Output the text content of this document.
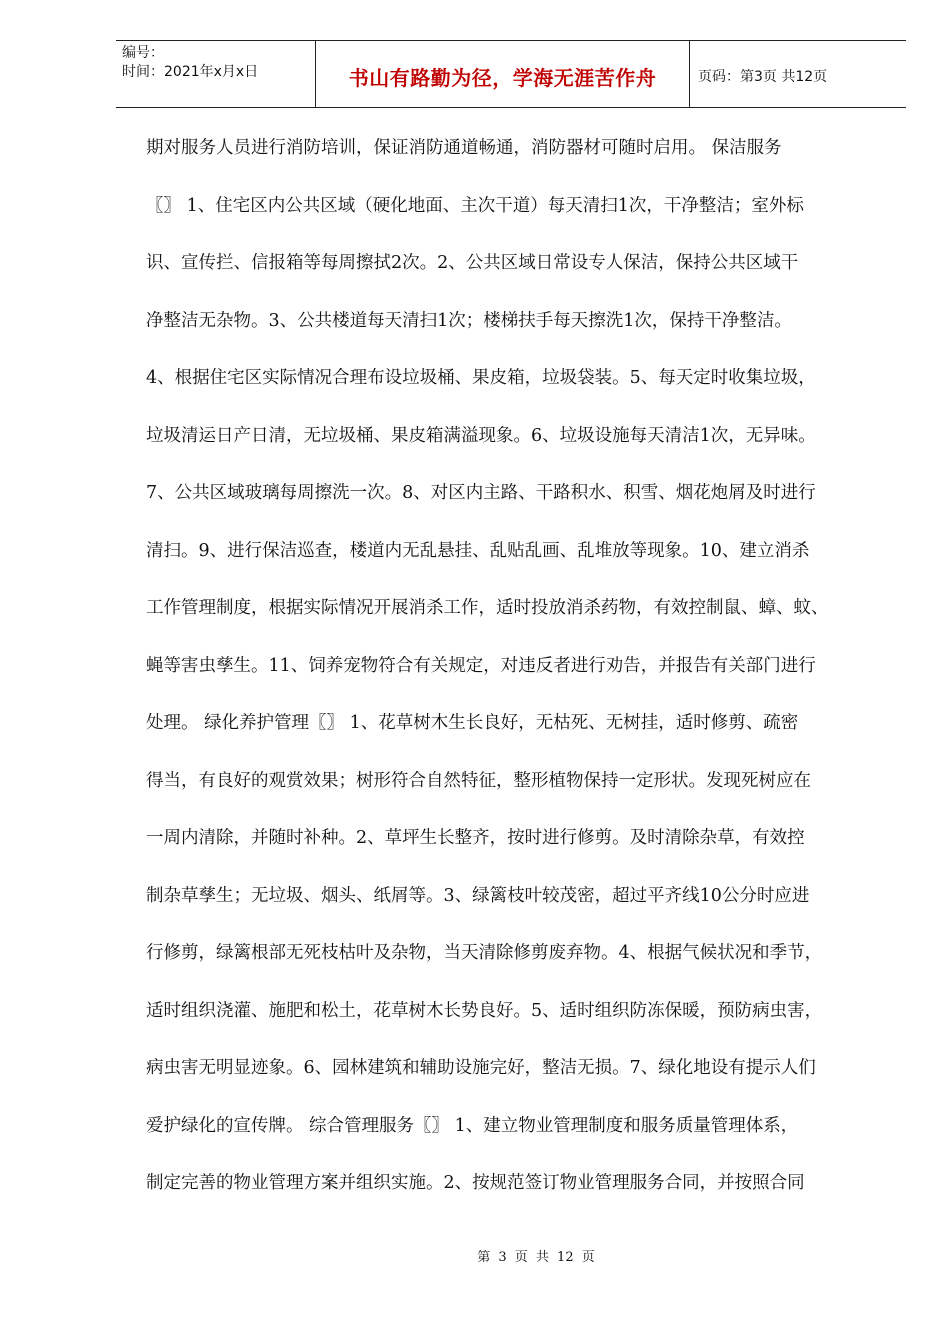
编号：
时间：2021年x月x日	书山有路勤为径，学海无涯苦作舟	页码：第3页 共12页
期对服务人员进行消防培训，保证消防通道畅通，消防器材可随时启用。 保洁服务
〖〗 1、住宅区内公共区域（硬化地面、主次干道）每天清扫1次，干净整洁；室外标
识、宣传拦、信报箱等每周擦拭2次。2、公共区域日常设专人保洁，保持公共区域干
净整洁无杂物。3、公共楼道每天清扫1次；楼梯扶手每天擦洗1次，保持干净整洁。
4、根据住宅区实际情况合理布设垃圾桶、果皮箱，垃圾袋装。5、每天定时收集垃圾，
垃圾清运日产日清，无垃圾桶、果皮箱满溢现象。6、垃圾设施每天清洁1次，无异味。
7、公共区域玻璃每周擦洗一次。8、对区内主路、干路积水、积雪、烟花炮屑及时进行
清扫。9、进行保洁巡查，楼道内无乱悬挂、乱贴乱画、乱堆放等现象。10、建立消杀
工作管理制度，根据实际情况开展消杀工作，适时投放消杀药物，有效控制鼠、蟑、蚊、
蝇等害虫孳生。11、饲养宠物符合有关规定，对违反者进行劝告，并报告有关部门进行
处理。 绿化养护管理〖〗 1、花草树木生长良好，无枯死、无树挂，适时修剪、疏密
得当，有良好的观赏效果；树形符合自然特征，整形植物保持一定形状。发现死树应在
一周内清除，并随时补种。2、草坪生长整齐，按时进行修剪。及时清除杂草，有效控
制杂草孳生；无垃圾、烟头、纸屑等。3、绿篱枝叶较茂密，超过平齐线10公分时应进
行修剪，绿篱根部无死枝枯叶及杂物，当天清除修剪废弃物。4、根据气候状况和季节，
适时组织浇灌、施肥和松土，花草树木长势良好。5、适时组织防冻保暖，预防病虫害，
病虫害无明显迹象。6、园林建筑和辅助设施完好，整洁无损。7、绿化地设有提示人们
爱护绿化的宣传牌。 综合管理服务〖〗 1、建立物业管理制度和服务质量管理体系，
制定完善的物业管理方案并组织实施。2、按规范签订物业管理服务合同，并按照合同
第 3 页 共 12 页
